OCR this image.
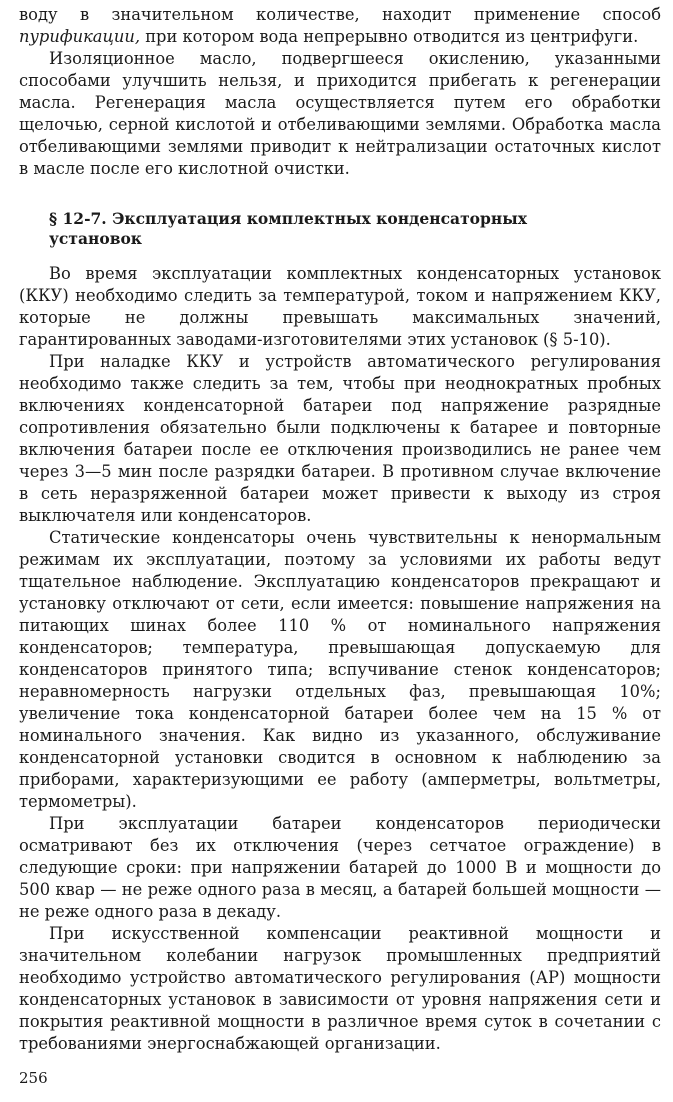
воду в значительном количестве, находит применение способ пурификации, при котором вода непрерывно отводится из центрифуги.

Изоляционное масло, подвергшееся окислению, указанными способами улучшить нельзя, и приходится прибегать к регенерации масла. Регенерация масла осуществляется путем его обработки щелочью, серной кислотой и отбеливающими землями. Обработка масла отбеливающими землями приводит к нейтрализации остаточных кислот в масле после его кислотной очистки.

§ 12-7. Эксплуатация комплектных конденсаторных установок

Во время эксплуатации комплектных конденсаторных установок (ККУ) необходимо следить за температурой, током и напряжением ККУ, которые не должны превышать максимальных значений, гарантированных заводами-изготовителями этих установок (§ 5-10).

При наладке ККУ и устройств автоматического регулирования необходимо также следить за тем, чтобы при неоднократных пробных включениях конденсаторной батареи под напряжение разрядные сопротивления обязательно были подключены к батарее и повторные включения батареи после ее отключения производились не ранее чем через 3—5 мин после разрядки батареи. В противном случае включение в сеть неразряженной батареи может привести к выходу из строя выключателя или конденсаторов.

Статические конденсаторы очень чувствительны к ненормальным режимам их эксплуатации, поэтому за условиями их работы ведут тщательное наблюдение. Эксплуатацию конденсаторов прекращают и установку отключают от сети, если имеется: повышение напряжения на питающих шинах более 110 % от номинального напряжения конденсаторов; температура, превышающая допускаемую для конденсаторов принятого типа; вспучивание стенок конденсаторов; неравномерность нагрузки отдельных фаз, превышающая 10%; увеличение тока конденсаторной батареи более чем на 15 % от номинального значения. Как видно из указанного, обслуживание конденсаторной установки сводится в основном к наблюдению за приборами, характеризующими ее работу (амперметры, вольтметры, термометры).

При эксплуатации батареи конденсаторов периодически осматривают без их отключения (через сетчатое ограждение) в следующие сроки: при напряжении батарей до 1000 В и мощности до 500 квар — не реже одного раза в месяц, а батарей большей мощности — не реже одного раза в декаду.

При искусственной компенсации реактивной мощности и значительном колебании нагрузок промышленных предприятий необходимо устройство автоматического регулирования (АР) мощности конденсаторных установок в зависимости от уровня напряжения сети и покрытия реактивной мощности в различное время суток в сочетании с требованиями энергоснабжающей организации.

256
